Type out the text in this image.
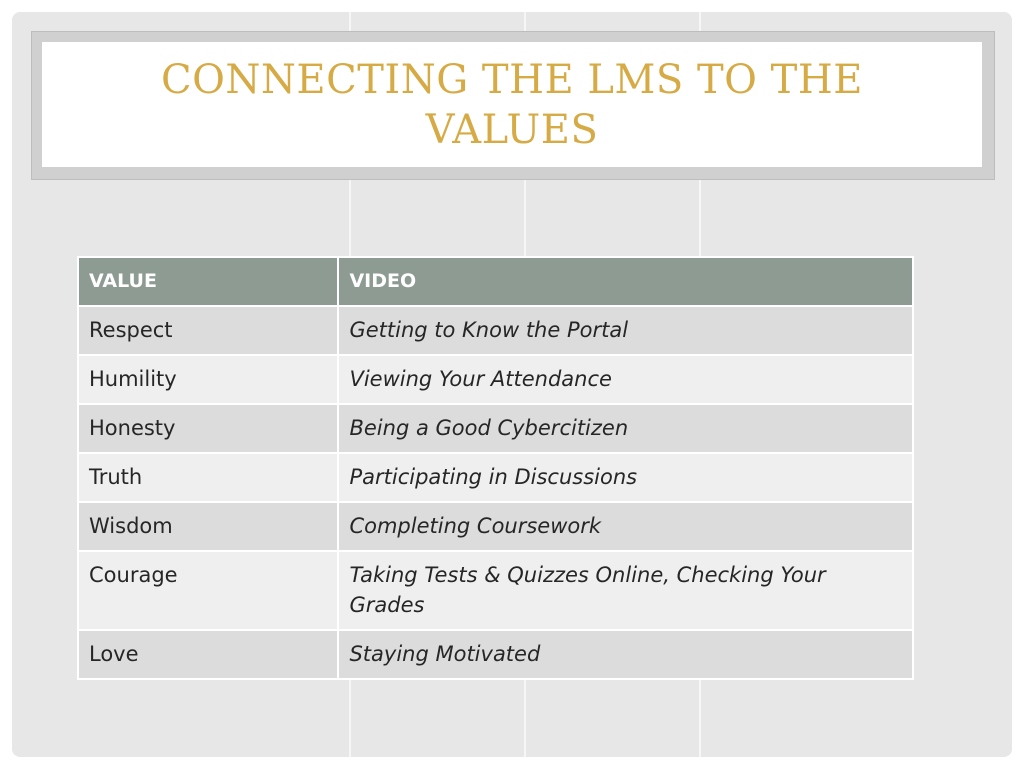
CONNECTING THE LMS TO THE
VALUES
VALUE	VIDEO
Respect	Getting to Know the Portal
Humility	Viewing Your Attendance
Honesty	Being a Good Cybercitizen
Truth	Participating in Discussions
Wisdom	Completing Coursework
Courage	Taking Tests & Quizzes Online, Checking Your Grades
Love	Staying Motivated
